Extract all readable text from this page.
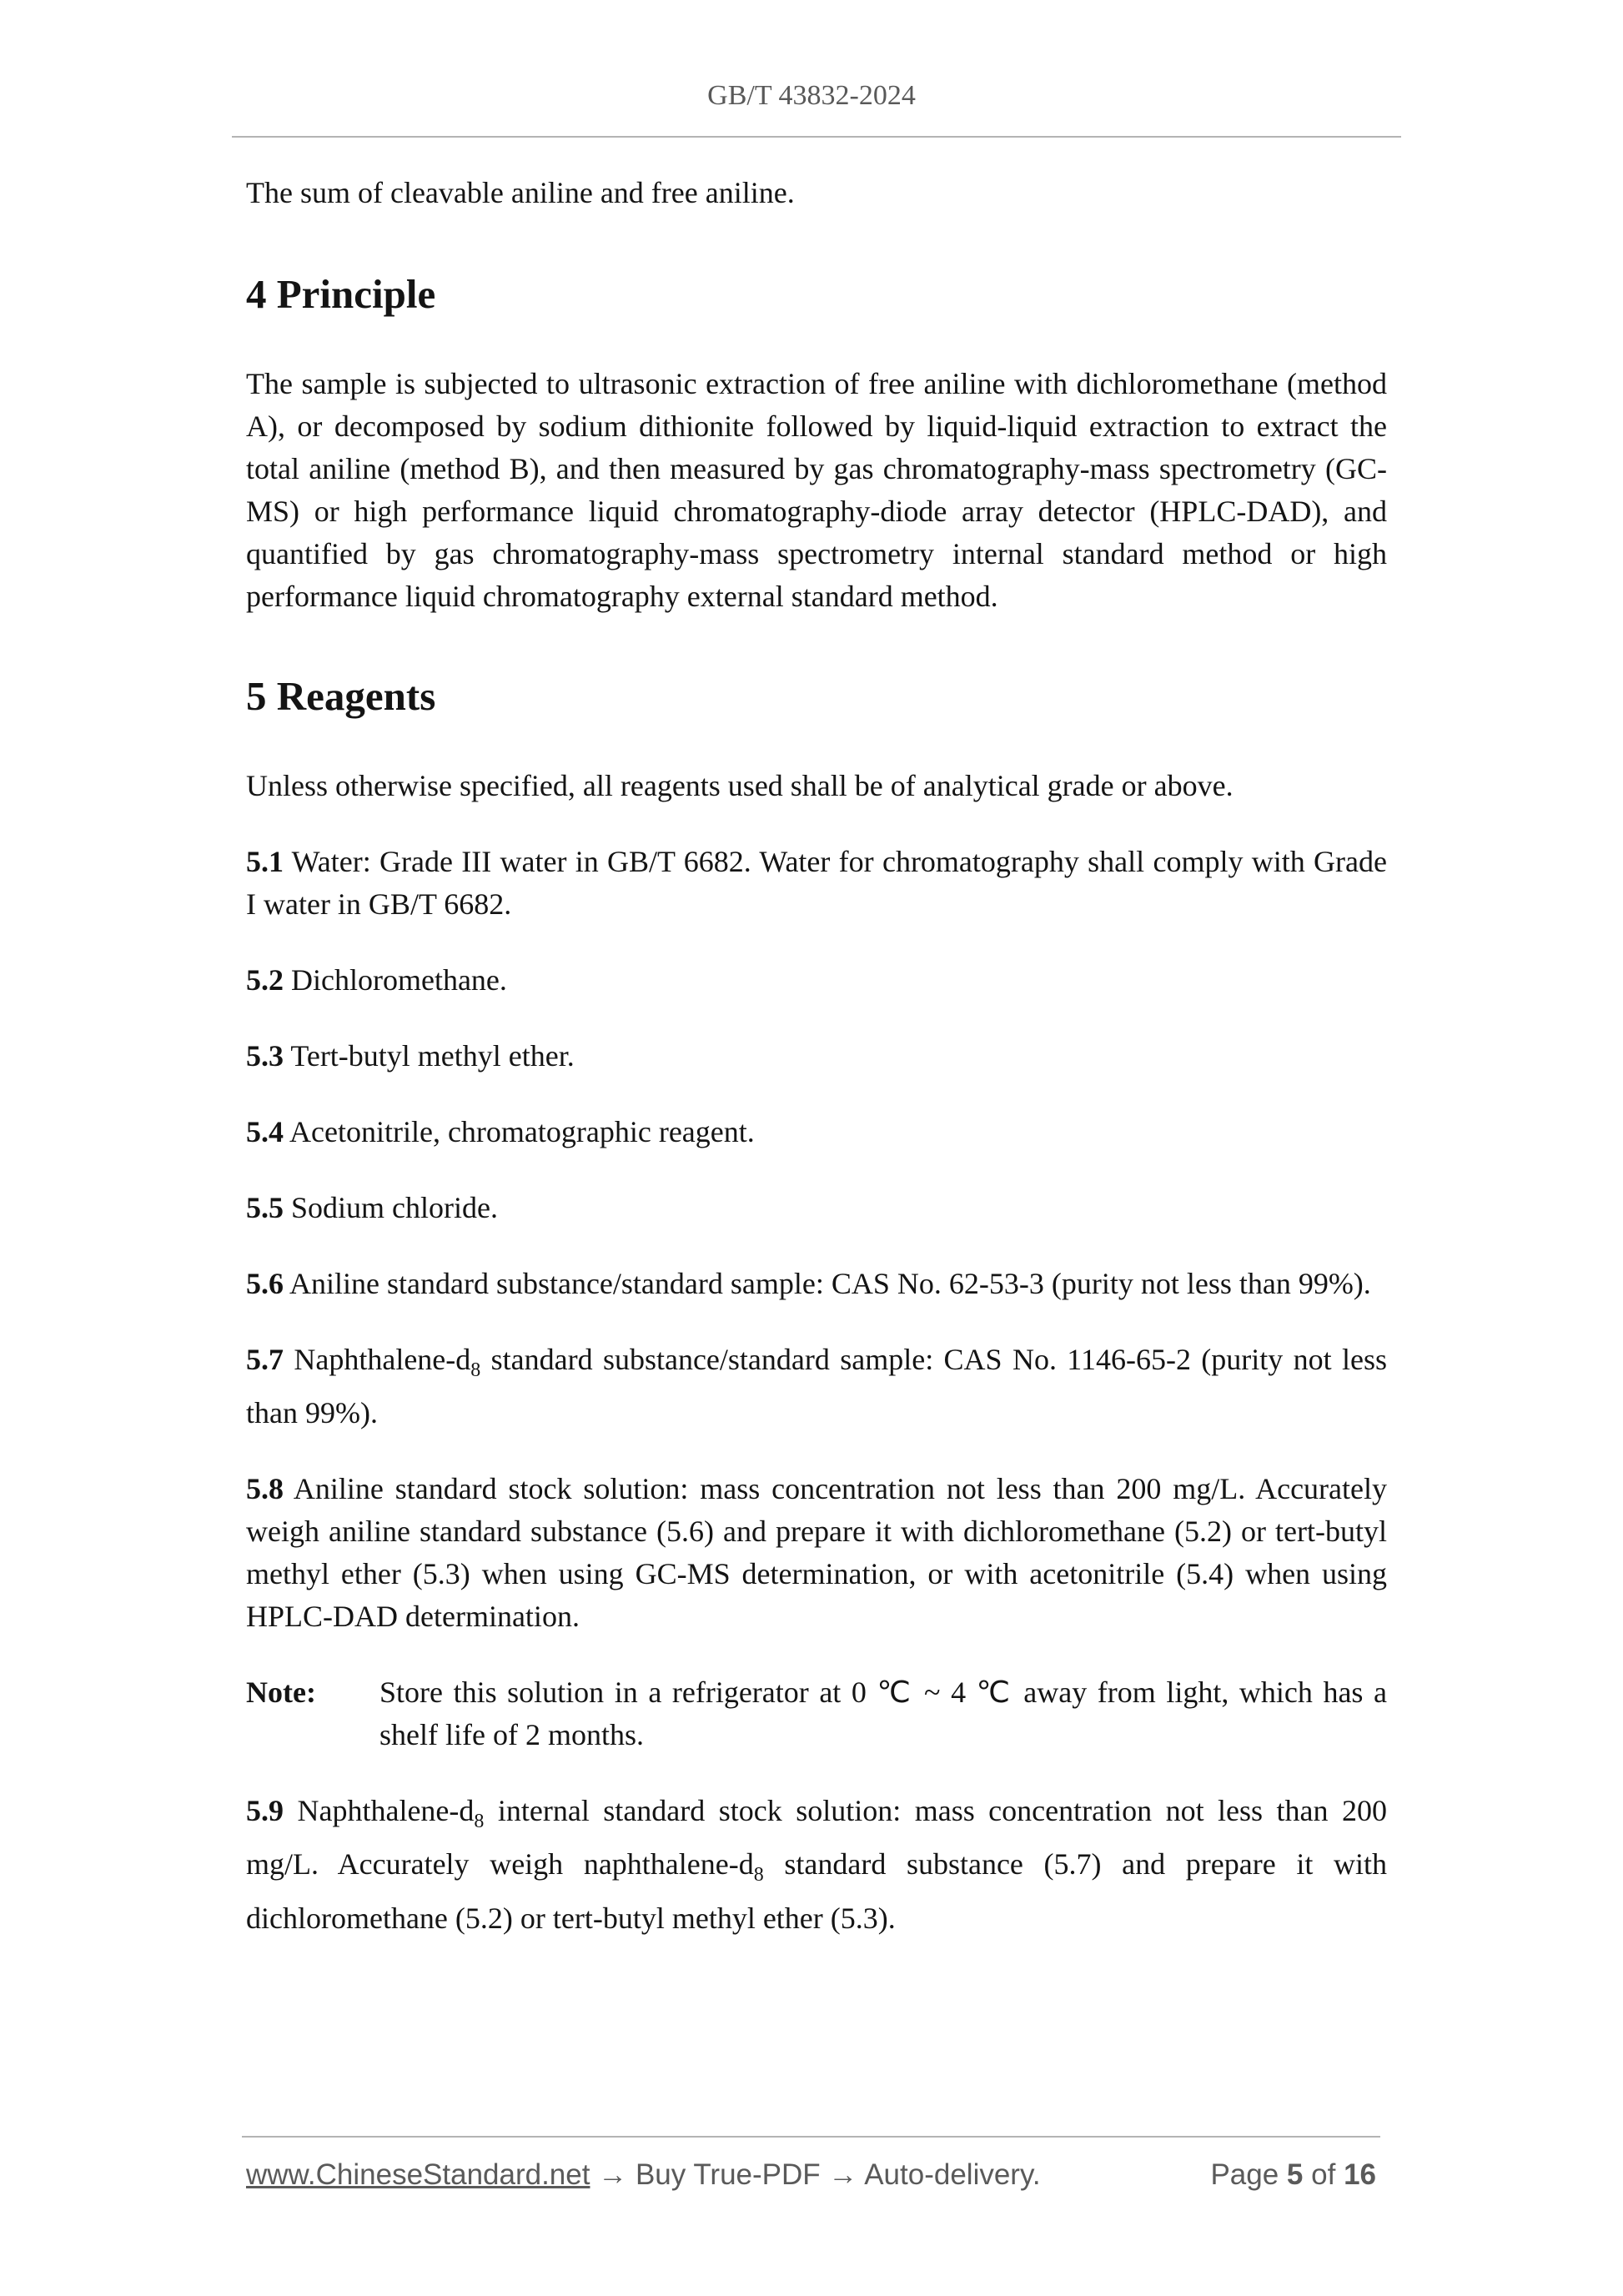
GB/T 43832-2024

The sum of cleavable aniline and free aniline.

4 Principle

The sample is subjected to ultrasonic extraction of free aniline with dichloromethane (method A), or decomposed by sodium dithionite followed by liquid-liquid extraction to extract the total aniline (method B), and then measured by gas chromatography-mass spectrometry (GC-MS) or high performance liquid chromatography-diode array detector (HPLC-DAD), and quantified by gas chromatography-mass spectrometry internal standard method or high performance liquid chromatography external standard method.

5 Reagents

Unless otherwise specified, all reagents used shall be of analytical grade or above.

5.1 Water: Grade III water in GB/T 6682. Water for chromatography shall comply with Grade I water in GB/T 6682.

5.2 Dichloromethane.

5.3 Tert-butyl methyl ether.

5.4 Acetonitrile, chromatographic reagent.

5.5 Sodium chloride.

5.6 Aniline standard substance/standard sample: CAS No. 62-53-3 (purity not less than 99%).

5.7 Naphthalene-$d_8$ standard substance/standard sample: CAS No. 1146-65-2 (purity not less than 99%).

5.8 Aniline standard stock solution: mass concentration not less than 200 mg/L. Accurately weigh aniline standard substance (5.6) and prepare it with dichloromethane (5.2) or tert-butyl methyl ether (5.3) when using GC-MS determination, or with acetonitrile (5.4) when using HPLC-DAD determination.

Note:	Store this solution in a refrigerator at 0 ℃ ~ 4 ℃ away from light, which has a shelf life of 2 months.

5.9 Naphthalene-$d_8$ internal standard stock solution: mass concentration not less than 200 mg/L. Accurately weigh naphthalene-$d_8$ standard substance (5.7) and prepare it with dichloromethane (5.2) or tert-butyl methyl ether (5.3).

www.ChineseStandard.net → Buy True-PDF → Auto-delivery.	Page 5 of 16
